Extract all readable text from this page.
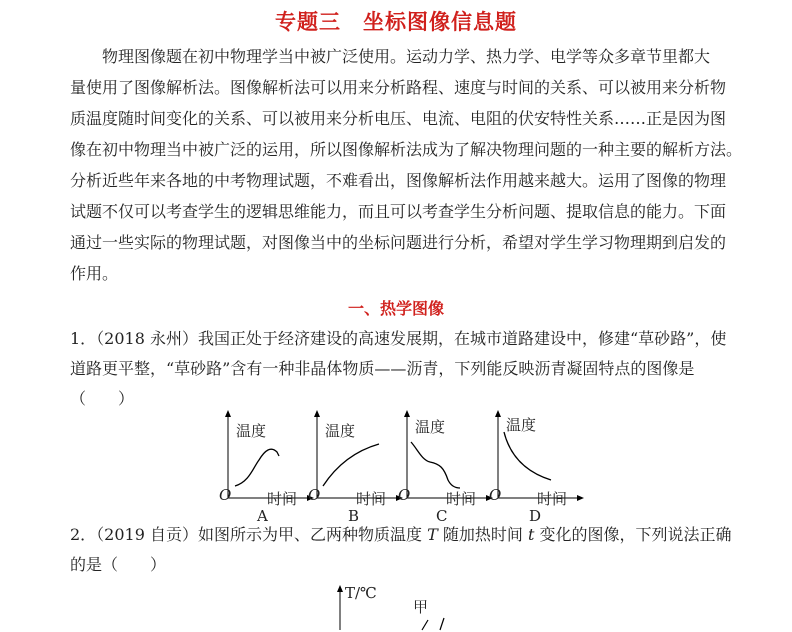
专题三　坐标图像信息题
物理图像题在初中物理学当中被广泛使用。运动力学、热力学、电学等众多章节里都大
量使用了图像解析法。图像解析法可以用来分析路程、速度与时间的关系、可以被用来分析物
质温度随时间变化的关系、可以被用来分析电压、电流、电阻的伏安特性关系……正是因为图
像在初中物理当中被广泛的运用，所以图像解析法成为了解决物理问题的一种主要的解析方法。
分析近些年来各地的中考物理试题，不难看出，图像解析法作用越来越大。运用了图像的物理
试题不仅可以考查学生的逻辑思维能力，而且可以考查学生分析问题、提取信息的能力。下面
通过一些实际的物理试题，对图像当中的坐标问题进行分析，希望对学生学习物理期到启发的
作用。
一、热学图像
1．（2018 永州）我国正处于经济建设的高速发展期，在城市道路建设中，修建“草砂路”，使
道路更平整，“草砂路”含有一种非晶体物质——沥青，下列能反映沥青凝固特点的图像是
（　　）
温度
O 时间
A
温度
O 时间
B
温度
O 时间
C
温度
O 时间
D
2．（2019 自贡）如图所示为甲、乙两种物质温度 T 随加热时间 t 变化的图像，下列说法正确
的是（　　）
T/℃
甲
